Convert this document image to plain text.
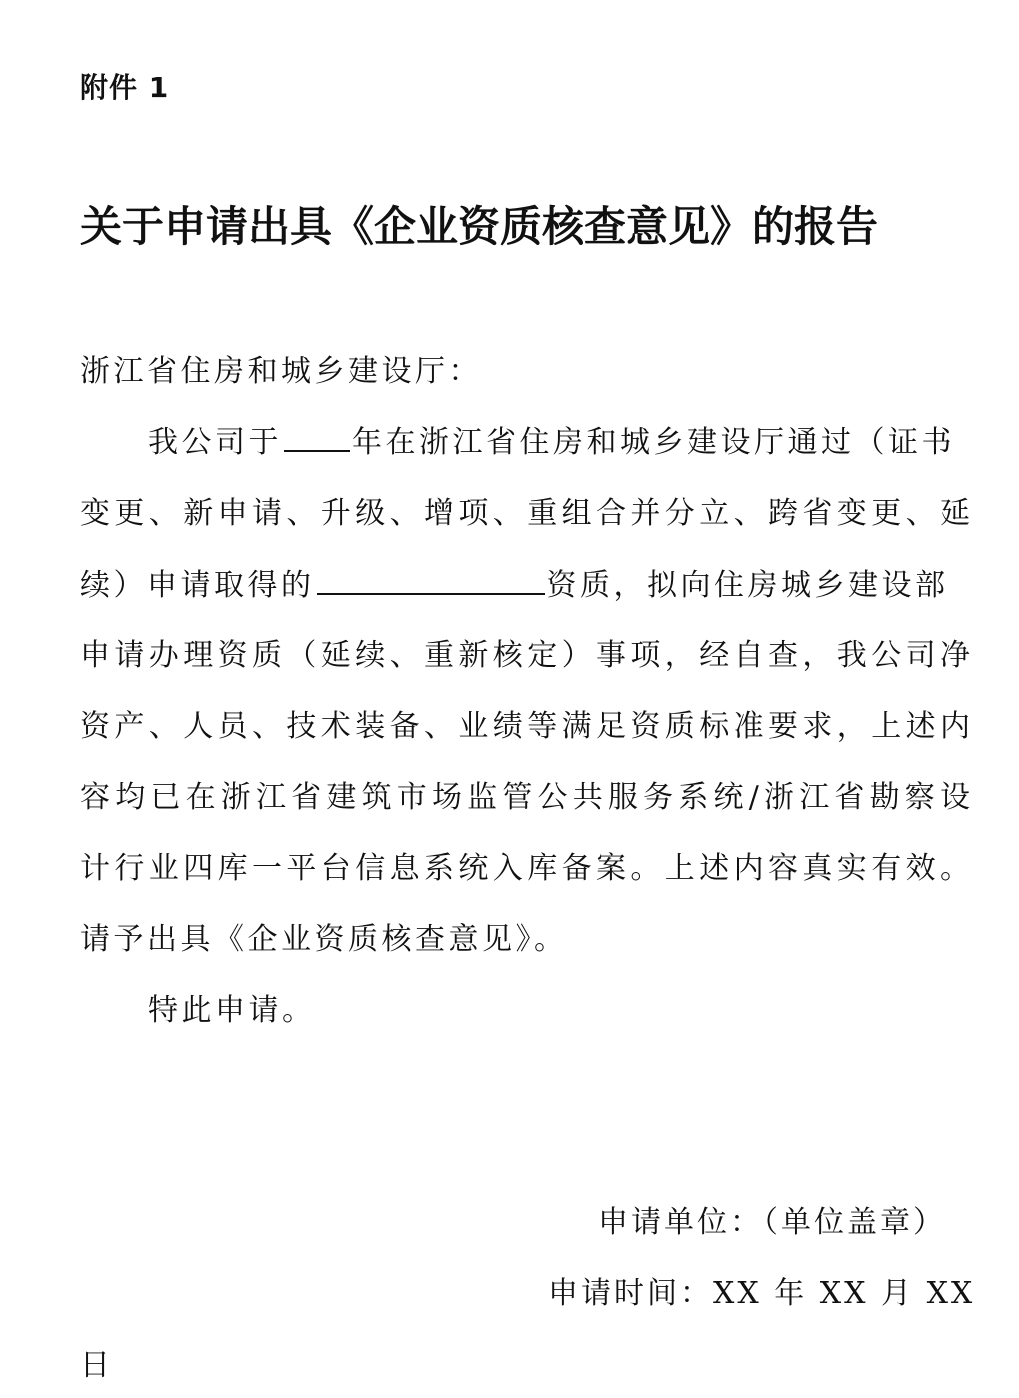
附件 1
关于申请出具《企业资质核查意见》的报告
浙江省住房和城乡建设厅：
我公司于 年在浙江省住房和城乡建设厅通过（证书
变更、新申请、升级、增项、重组合并分立、跨省变更、延
续）申请取得的	资质，拟向住房城乡建设部
申请办理资质（延续、重新核定）事项，经自查，我公司净
资产、人员、技术装备、业绩等满足资质标准要求，上述内
容均已在浙江省建筑市场监管公共服务系统/浙江省勘察设
计行业四库一平台信息系统入库备案。上述内容真实有效。
请予出具《企业资质核查意见》。
特此申请。
申请单位：（单位盖章）
申请时间：XX 年 XX 月 XX
日
